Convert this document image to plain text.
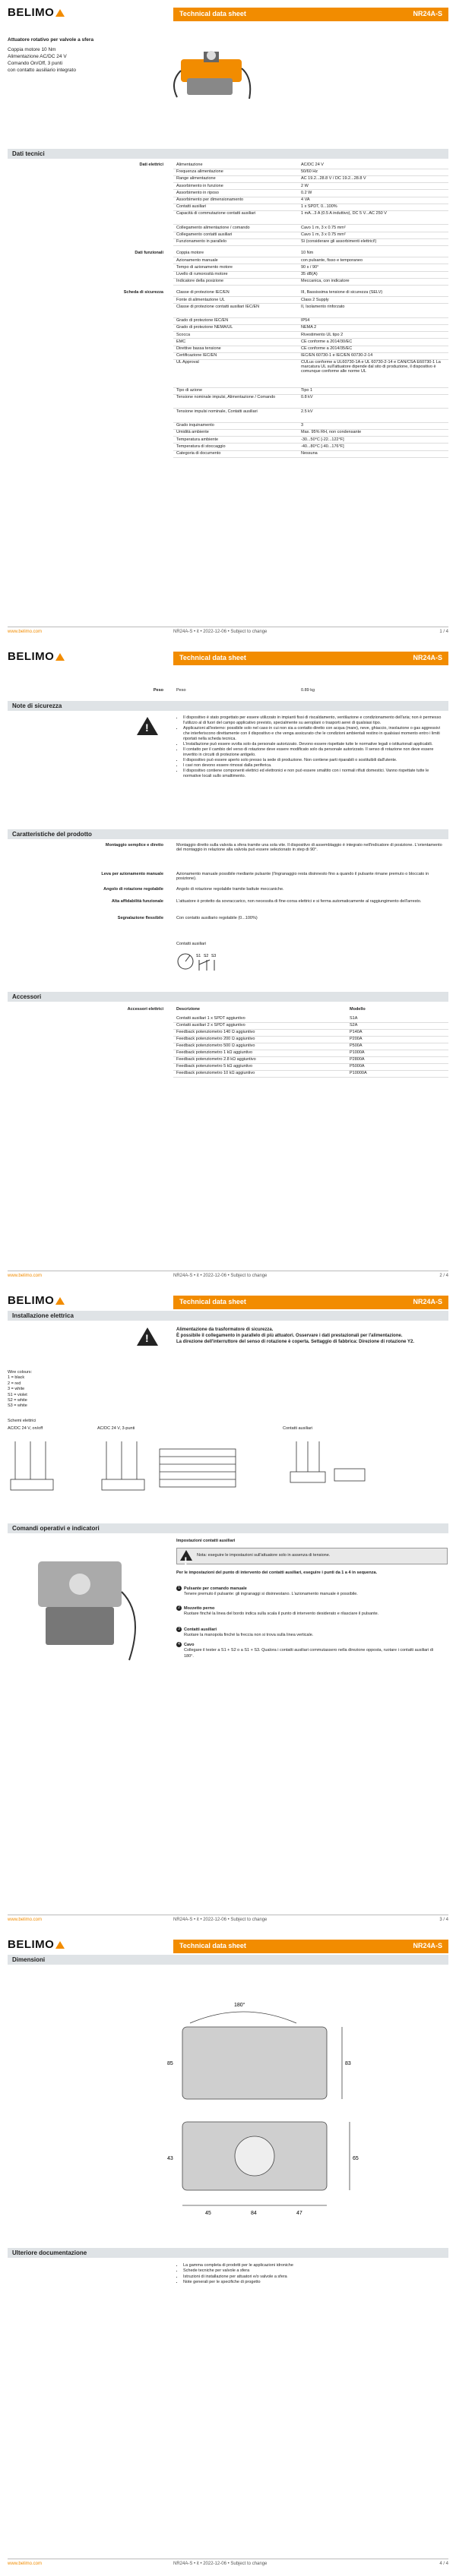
BELIMO	Technical data sheet	NR24A-S
Attuatore rotativo per valvole a sfera
Coppia motore 10 Nm
Alimentazione AC/DC 24 V
Comando On/Off, 3 punti
con contatto ausiliario integrato
Dati tecnici
Dati elettrici	Alimentazione	AC/DC 24 V
Frequenza alimentazione	50/60 Hz
Range alimentazione	AC 19.2...28.8 V / DC 19.2...28.8 V
Assorbimento in funzione	2 W
Assorbimento in riposo	0.2 W
Assorbimento per dimensionamento	4 VA
Contatti ausiliari	1 x SPDT, 0...100%
Capacità di commutazione contatti ausiliari	1 mA...3 A (0.5 A induttivo), DC 5 V...AC 250 V
Collegamento alimentazione / comando	Cavo 1 m, 3 x 0.75 mm²
Collegamento contatti ausiliari	Cavo 1 m, 3 x 0.75 mm²
Funzionamento in parallelo	Sì (considerare gli assorbimenti elettrici!)
Dati funzionali	Coppia motore	10 Nm
Azionamento manuale	con pulsante, fisso e temporaneo
Tempo di azionamento motore	90 s / 90°
Livello di rumorosità motore	35 dB(A)
Indicatore della posizione	Meccanica, con indicatore
Scheda di sicurezza	Classe di protezione IEC/EN	III, Bassissima tensione di sicurezza (SELV)
Fonte di alimentazione UL	Class 2 Supply
Classe di protezione contatti ausiliari IEC/EN	II, Isolamento rinforzato
Grado di protezione IEC/EN	IP54
Grado di protezione NEMA/UL	NEMA 2
Scocca	Rivestimento UL tipo 2
EMC	CE conforme a 2014/30/EC
Direttive bassa tensione	CE conforme a 2014/35/EC
Certificazione IEC/EN	IEC/EN 60730-1 e IEC/EN 60730-2-14
UL Approval	CULus conforme a UL60730-1A e UL 60730-2-14 e CAN/CSA E60730-1 La marcatura UL sull'attuatore dipende dal sito di produzione, il dispositivo è comunque conforme alle norme UL
Tipo di azione	Tipo 1
Tensione nominale impulsi, Alimentazione / Comando	0.8 kV
Tensione impulsi nominale, Contatti ausiliari	2.5 kV
Grado inquinamento	3
Umidità ambiente	Max. 95% RH, non condensante
Temperatura ambiente	-30...50°C [-22...122°F]
Temperatura di stoccaggio	-40...80°C [-40...176°F]
Categoria di documento	Nessuna
www.belimo.com	NR24A-S • it • 2022-12-06 • Subject to change	1 / 4
BELIMO	Technical data sheet	NR24A-S
Peso	Peso	0.89 kg
Note di sicurezza
!
• Il dispositivo è stato progettato per essere utilizzato in impianti fissi di riscaldamento, ventilazione e condizionamento dell'aria; non è permesso l'utilizzo al di fuori del campo applicativo previsto, specialmente su aeroplani o trasporti aerei di qualsiasi tipo.
• Applicazioni all'esterno: possibile solo nel caso in cui non sia a contatto diretto con acqua (mare), neve, ghiaccio, insolazione o gas aggressivi che interferiscono direttamente con il dispositivo e che venga assicurato che le condizioni ambientali restino in qualsiasi momento entro i limiti riportati nella scheda tecnica.
• L'installazione può essere svolta solo da personale autorizzato. Devono essere rispettate tutte le normative legali o istituzionali applicabili.
• Il contatto per il cambio del verso di rotazione deve essere modificato solo da personale autorizzato. Il senso di rotazione non deve essere invertito in circuiti di protezione antigelo.
• Il dispositivo può essere aperto solo presso la sede di produzione. Non contiene parti riparabili o sostituibili dall'utente.
• I cavi non devono essere rimossi dalla periferica.
• Il dispositivo contiene componenti elettrici ed elettronici e non può essere smaltito con i normali rifiuti domestici. Vanno rispettate tutte le normative locali sullo smaltimento.
Caratteristiche del prodotto
Montaggio semplice e diretto	Montaggio diretto sulla valvola a sfera tramite una sola vite. Il dispositivo di assemblaggio è integrato nell'indicatore di posizione. L'orientamento del montaggio in relazione alla valvola può essere selezionato in step di 90°.
Leva per azionamento manuale	Azionamento manuale possibile mediante pulsante (l'ingranaggio resta disinnesto fino a quando il pulsante rimane premuto o bloccato in posizione).
Angolo di rotazione regolabile	Angolo di rotazione regolabile tramite battute meccaniche.
Alta affidabilità funzionale	L'attuatore è protetto da sovraccarico, non necessita di fine-corsa elettrici e si ferma automaticamente al raggiungimento dell'arresto.
Segnalazione flessibile	Con contatto ausiliario regolabile (0...100%)
Contatti ausiliari
S1 S2 S3
Accessori
Accessori elettrici	Descrizione	Modello
Contatti ausiliari 1 x SPDT aggiuntivo	S1A
Contatti ausiliari 2 x SPDT aggiuntivo	S2A
Feedback potenziometro 140 Ω aggiuntivo	P140A
Feedback potenziometro 200 Ω aggiuntivo	P200A
Feedback potenziometro 500 Ω aggiuntivo	P500A
Feedback potenziometro 1 kΩ aggiuntivo	P1000A
Feedback potenziometro 2.8 kΩ aggiuntivo	P2800A
Feedback potenziometro 5 kΩ aggiuntivo	P5000A
Feedback potenziometro 10 kΩ aggiuntivo	P10000A
www.belimo.com	NR24A-S • it • 2022-12-06 • Subject to change	2 / 4
BELIMO	Technical data sheet	NR24A-S
Installazione elettrica
!
Alimentazione da trasformatore di sicurezza.
È possibile il collegamento in parallelo di più attuatori. Osservare i dati prestazionali per l'alimentazione.
La direzione dell'interruttore del senso di rotazione è coperta. Settaggio di fabbrica: Direzione di rotazione Y2.
Wire colours:
1 = black
2 = red
3 = white
S1 = violet
S2 = white
S3 = white
Schemi elettrici
AC/DC 24 V, on/off	AC/DC 24 V, 3-punti	Contatti ausiliari
Comandi operativi e indicatori
Impostazioni contatti ausiliari
!
Nota: eseguire le impostazioni sull'attuatore solo in assenza di tensione.
Per le impostazioni del punto di intervento dei contatti ausiliari, eseguire i punti da 1 a 4 in sequenza.
1 Pulsante per comando manuale
Tenere premuto il pulsante: gli ingranaggi si disinnestano. L'azionamento manuale è possibile.
2 Mozzetto perno
Ruotare finché la linea del bordo indica sulla scala il punto di intervento desiderato e rilasciare il pulsante.
3 Contatti ausiliari
Ruotare la manopola finché la freccia non si trova sulla linea verticale.
4 Cavo
Collegare il tester a S1 + S2 o a S1 + S3. Qualora i contatti ausiliari commutassero nella direzione opposta, ruotare i contatti ausiliari di 180°.
www.belimo.com	NR24A-S • it • 2022-12-06 • Subject to change	3 / 4
BELIMO	Technical data sheet	NR24A-S
Dimensioni
180°
83
65
45	84	47
43
85
Ulteriore documentazione
• La gamma completa di prodotti per le applicazioni idroniche
• Schede tecniche per valvole a sfera
• Istruzioni di installazione per attuatori e/o valvole a sfera
• Note generali per le specifiche di progetto
www.belimo.com	NR24A-S • it • 2022-12-06 • Subject to change	4 / 4
